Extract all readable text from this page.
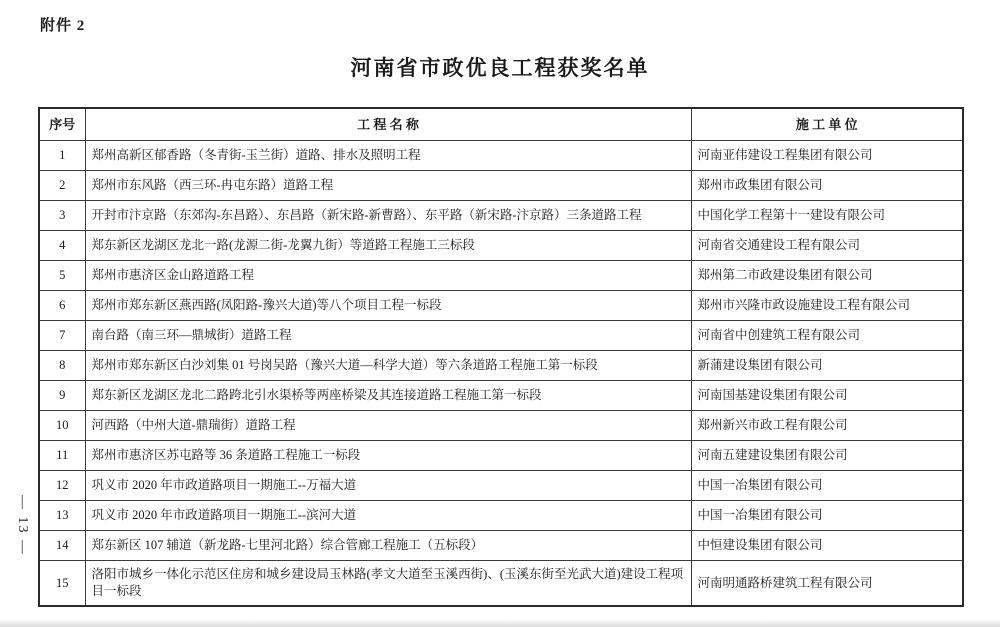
附件 2
河南省市政优良工程获奖名单
— 13 —
序号	工 程 名 称	施 工 单 位
1	郑州高新区郁香路（冬青街-玉兰街）道路、排水及照明工程	河南亚伟建设工程集团有限公司
2	郑州市东风路（西三环-冉屯东路）道路工程	郑州市政集团有限公司
3	开封市汴京路（东郊沟-东昌路）、东昌路（新宋路-新曹路）、东平路（新宋路-汴京路）三条道路工程	中国化学工程第十一建设有限公司
4	郑东新区龙湖区龙北一路(龙源二街-龙翼九街）等道路工程施工三标段	河南省交通建设工程有限公司
5	郑州市惠济区金山路道路工程	郑州第二市政建设集团有限公司
6	郑州市郑东新区燕西路(凤阳路-豫兴大道)等八个项目工程一标段	郑州市兴隆市政设施建设工程有限公司
7	南台路（南三环—鼎城街）道路工程	河南省中创建筑工程有限公司
8	郑州市郑东新区白沙刘集 01 号岗吴路（豫兴大道—科学大道）等六条道路工程施工第一标段	新蒲建设集团有限公司
9	郑东新区龙湖区龙北二路跨北引水渠桥等两座桥梁及其连接道路工程施工第一标段	河南国基建设集团有限公司
10	河西路（中州大道-鼎瑞街）道路工程	郑州新兴市政工程有限公司
11	郑州市惠济区苏屯路等 36 条道路工程施工一标段	河南五建建设集团有限公司
12	巩义市 2020 年市政道路项目一期施工--万福大道	中国一冶集团有限公司
13	巩义市 2020 年市政道路项目一期施工--滨河大道	中国一冶集团有限公司
14	郑东新区 107 辅道（新龙路-七里河北路）综合管廊工程施工（五标段）	中恒建设集团有限公司
15	洛阳市城乡一体化示范区住房和城乡建设局玉林路(孝文大道至玉溪西街)、(玉溪东街至光武大道)建设工程项目一标段	河南明通路桥建筑工程有限公司
